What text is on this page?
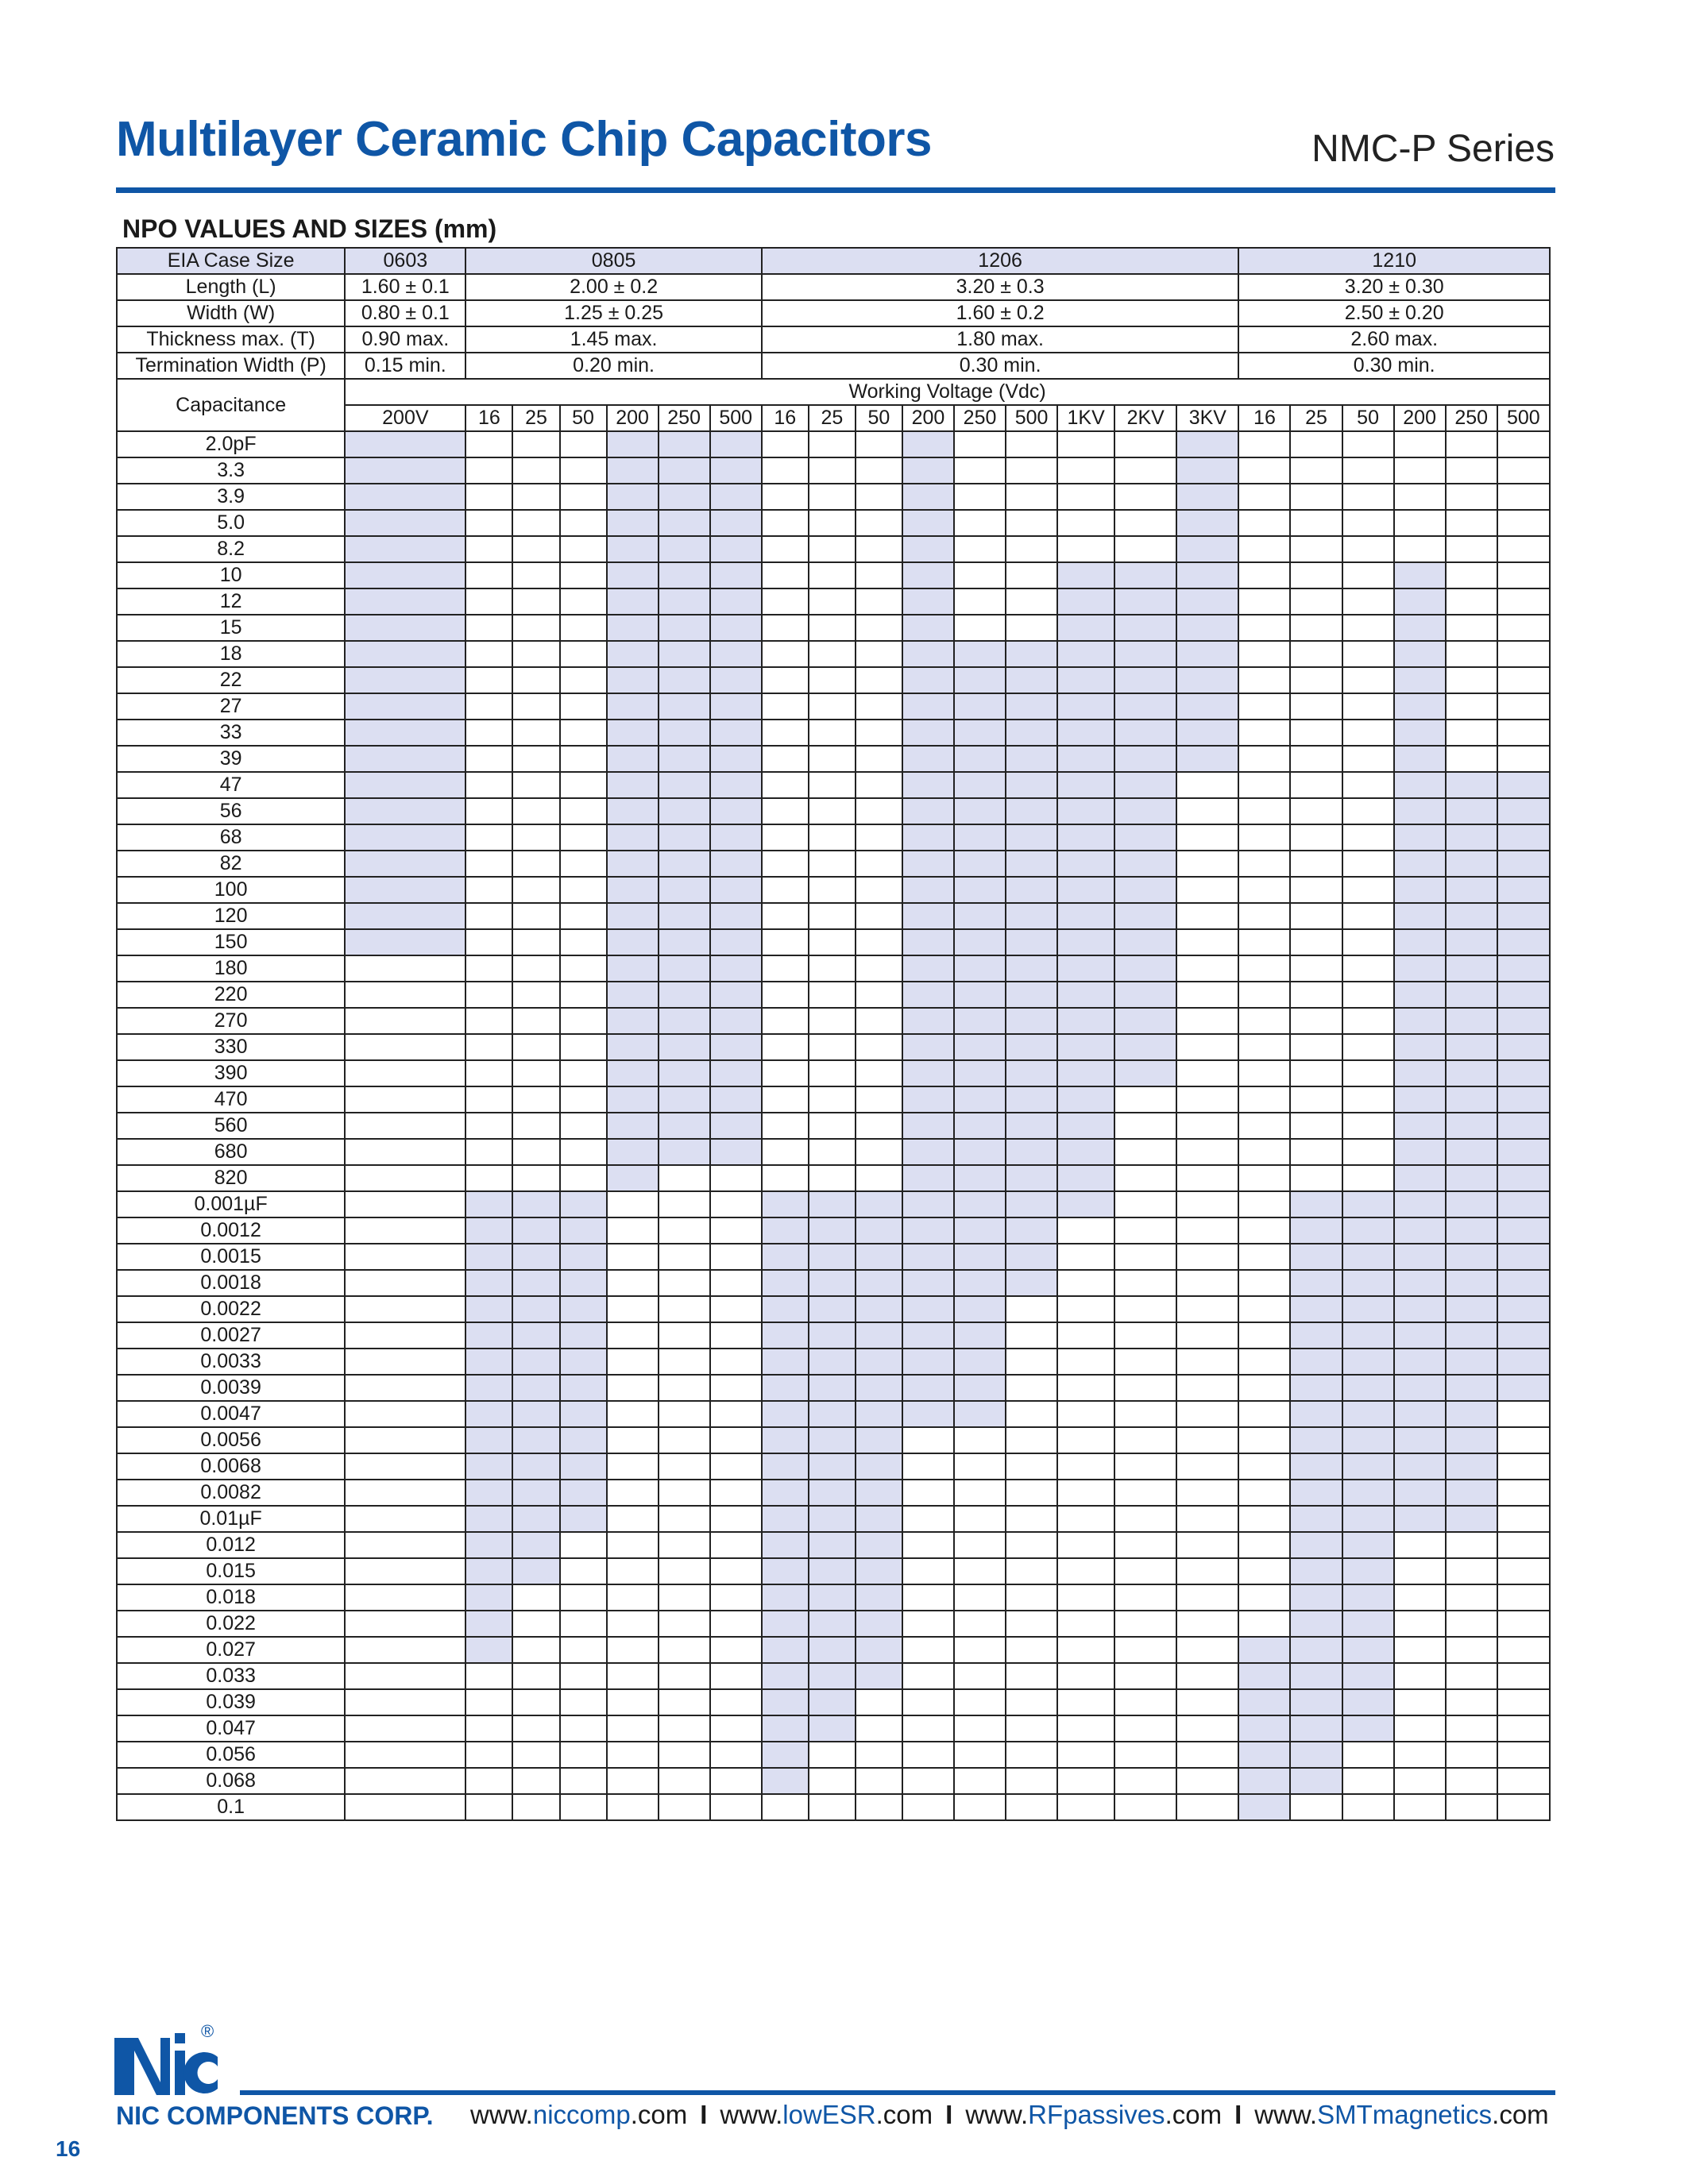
Multilayer Ceramic Chip Capacitors	NMC-P Series
NPO VALUES AND SIZES (mm)
EIA Case Size	0603	0805						1206									1210					
Length (L)	1.60 ± 0.1	2.00 ± 0.2						3.20 ± 0.3									3.20 ± 0.30					
Width (W)	0.80 ± 0.1	1.25 ± 0.25						1.60 ± 0.2									2.50 ± 0.20					
Thickness max. (T)	0.90 max.	1.45 max.						1.80 max.									2.60 max.					
Termination Width (P)	0.15 min.	0.20 min.						0.30 min.									0.30 min.					
Capacitance	Working Voltage (Vdc)																					
	200V	16	25	50	200	250	500	16	25	50	200	250	500	1KV	2KV	3KV	16	25	50	200	250	500
2.0pF																						
3.3																						
3.9																						
5.0																						
8.2																						
10																						
12																						
15																						
18																						
22																						
27																						
33																						
39																						
47																						
56																						
68																						
82																						
100																						
120																						
150																						
180																						
220																						
270																						
330																						
390																						
470																						
560																						
680																						
820																						
0.001µF																						
0.0012																						
0.0015																						
0.0018																						
0.0022																						
0.0027																						
0.0033																						
0.0039																						
0.0047																						
0.0056																						
0.0068																						
0.0082																						
0.01µF																						
0.012																						
0.015																						
0.018																						
0.022																						
0.027																						
0.033																						
0.039																						
0.047																						
0.056																						
0.068																						
0.1																						
®
NIC COMPONENTS CORP. www.niccomp.com I www.lowESR.com I www.RFpassives.com I www.SMTmagnetics.com
16
